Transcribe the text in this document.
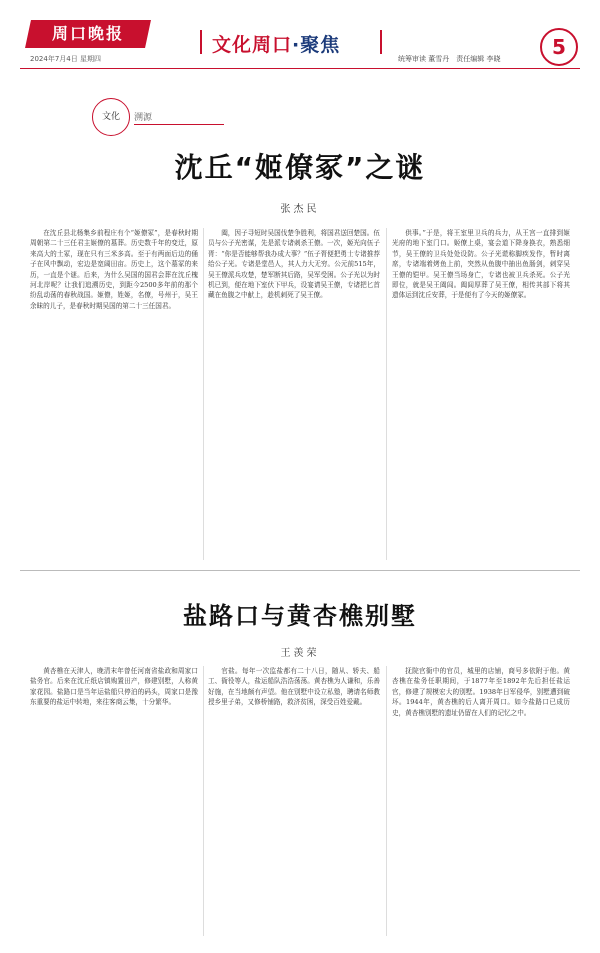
周口晚报
2024年7月4日 星期四
文化周口·聚焦
统筹审读 董雪丹　责任编辑 李晓	5
文化	溯源
沈丘“姬僚冢”之谜
张杰民
在沈丘县北杨集乡前程庄有个“姬僚冢”，是春秋时期周朝第二十三任君主姬僚的墓葬。历史数千年的变迁，原来高大的土冢，现在只有三米多高。至于有两面后边的俑子在风中飘动，宏边是宽阔田亩。历史上，这个墓冢的来历，一直是个谜。后来，为什么吴国的国君会葬在沈丘槐河北岸呢？让我们追溯历史，到距今2500多年前的那个纷乱动荡的春秋战国。姬僚，姓姬，名僚，号州于，吴王余昧的儿子，是春秋时期吴国的第二十三任国君。
阖，因子寻短时吴国伐楚争胜利，将国君送回楚国。伍员与公子光密谋，先是派专诸刺杀王僚。一次，姬光向伍子胥：“你是否能够帮我办成大事？”伍子胥便把勇士专诸推荐给公子光。专诸是堂邑人，其人力大无穷。公元前515年，吴王僚派兵攻楚，楚军断其后路，吴军受困。公子光以为时机已到，便在地下室伏下甲兵，设宴请吴王僚，专诸把匕首藏在鱼腹之中献上，趁机刺死了吴王僚。
供事。”于是，将王室里卫兵的兵力，从王宫一直排到姬光府的地下室门口。姬僚上桌，宴会道下降身换衣，熟悉细节，吴王僚的卫兵处处设防。公子光谎称脚疾发作，暂时离席，专诸端着烤鱼上前，突然从鱼腹中抽出鱼肠剑，刺穿吴王僚的铠甲。吴王僚当场身亡，专诸也被卫兵杀死。公子光即位，就是吴王阖闾。阖闾厚葬了吴王僚，相传其部下将其遗体运到沈丘安葬，于是便有了今天的姬僚冢。
盐路口与黄杏樵别墅
王羡荣
黄杏樵在天津人，晚清末年曾任河南省盐政和周家口盐务官。后来在沈丘纸店镇购置田产，修建别墅，人称黄家花园。盐路口是当年运盐船只停泊的码头，周家口是豫东重要的盐运中转地，来往客商云集，十分繁华。
官盐。每年一次监盐都有二十八日，随从、轿夫、船工、衙役等人，盐运船队浩浩荡荡。黄杏樵为人谦和，乐善好施，在当地颇有声望。他在别墅中设立私塾，聘请名师教授乡里子弟，又修桥铺路，救济贫困，深受百姓爱戴。
抚院官衙中的官员，城里的店铺，商号多依附于他。黄杏樵在盐务任职期间，于1877年至1892年先后担任盐运官，修建了规模宏大的别墅。1938年日军侵华，别墅遭到破坏。1944年，黄杏樵的后人离开周口。如今盐路口已成历史，黄杏樵别墅的遗址仍留在人们的记忆之中。
